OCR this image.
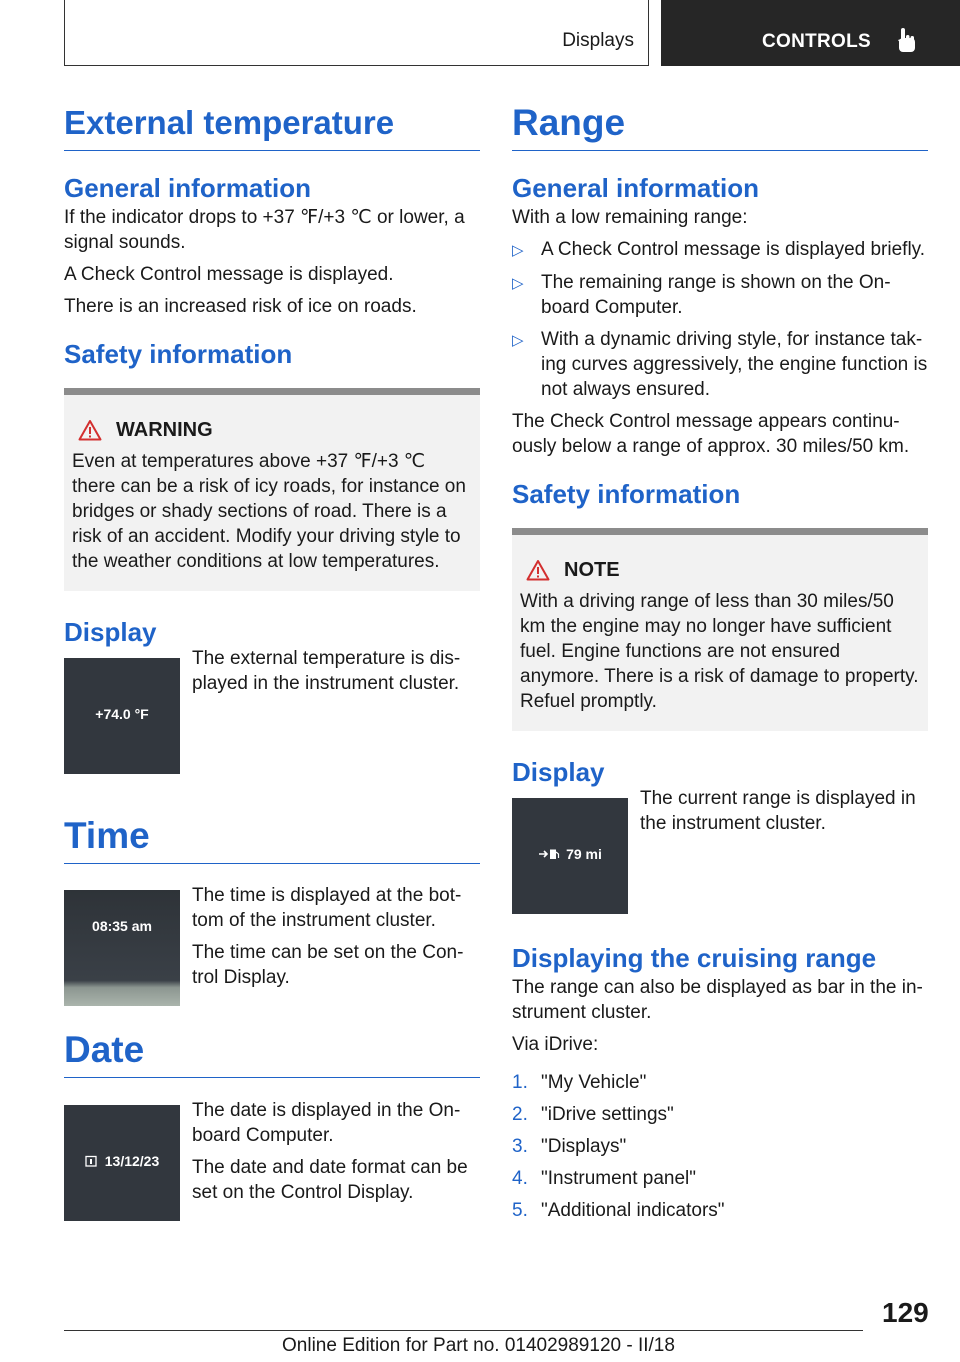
Displays	CONTROLS
External temperature
General information

If the indicator drops to +37 ℉/+3 ℃ or lower, a signal sounds.

A Check Control message is displayed.

There is an increased risk of ice on roads.

Safety information
WARNING

Even at temperatures above +37 ℉/+3 ℃ there can be a risk of icy roads, for instance on bridges or shady sections of road. There is a risk of an accident. Modify your driving style to the weather conditions at low temperatures.

Display
+74.0 °F

The external temperature is displayed in the instrument cluster.

Time
08:35 am

The time is displayed at the bottom of the instrument cluster.

The time can be set on the Control Display.

Date
13/12/23

The date is displayed in the Onboard Computer.

The date and date format can be set on the Control Display.

Range
General information

With a low remaining range:

▷ A Check Control message is displayed briefly.
▷ The remaining range is shown on the Onboard Computer.
▷ With a dynamic driving style, for instance taking curves aggressively, the engine function is not always ensured.

The Check Control message appears continuously below a range of approx. 30 miles/50 km.

Safety information
NOTE

With a driving range of less than 30 miles/50 km the engine may no longer have sufficient fuel. Engine functions are not ensured anymore. There is a risk of damage to property. Refuel promptly.

Display
79 mi

The current range is displayed in the instrument cluster.

Displaying the cruising range

The range can also be displayed as bar in the instrument cluster.

Via iDrive:

1. "My Vehicle"
2. "iDrive settings"
3. "Displays"
4. "Instrument panel"
5. "Additional indicators"
129
Online Edition for Part no. 01402989120 - II/18
